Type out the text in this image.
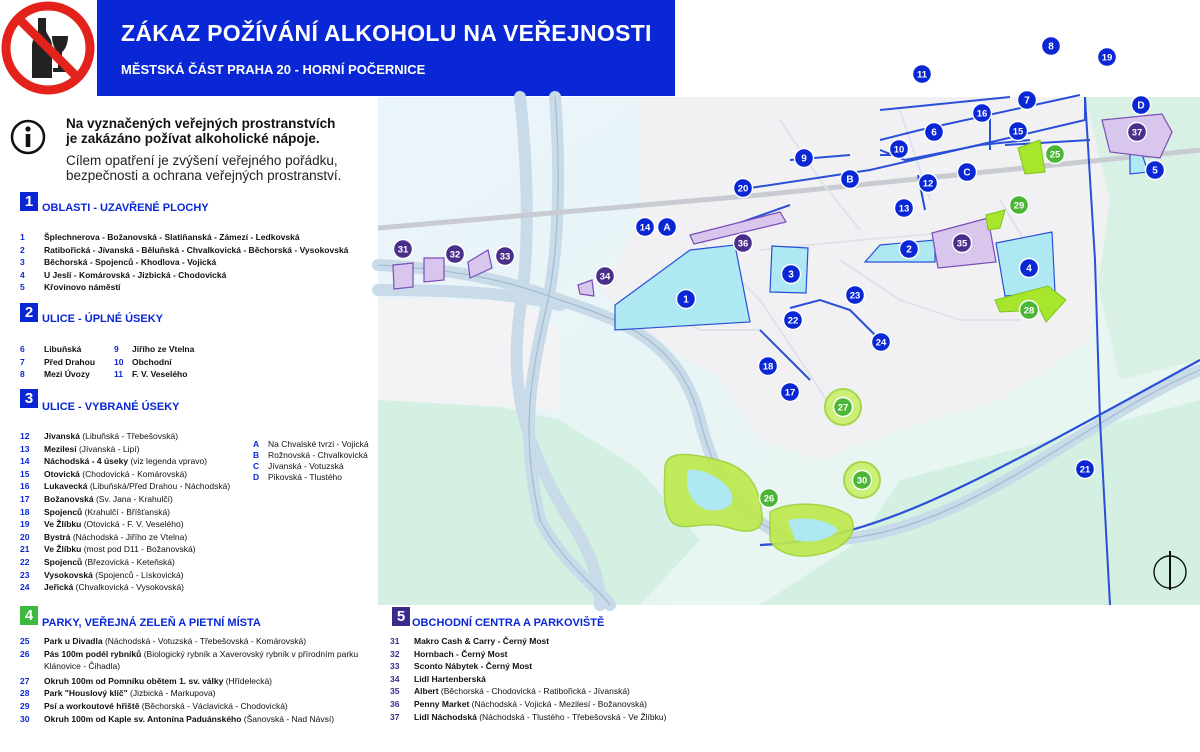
ZÁKAZ POŽÍVÁNÍ ALKOHOLU NA VEŘEJNOSTI
MĚSTSKÁ ČÁST PRAHA 20 - HORNÍ POČERNICE
Na vyznačených veřejných prostranstvích
je zakázáno požívat alkoholické nápoje.
Cílem opatření je zvýšení veřejného pořádku,
bezpečnosti a ochrana veřejných prostranství.
1 OBLASTI - UZAVŘENÉ PLOCHY
1 Šplechnerova - Božanovská - Slatiňanská - Zámezí - Ledkovská
2 Ratibořická - Jívanská - Běluňská - Chvalkovická - Běchorská - Vysokovská
3 Běchorská - Spojenců - Khodlova - Vojická
4 U Jeslí - Komárovská - Jizbická - Chodovická
5 Křovinovo náměstí
2 ULICE - ÚPLNÉ ÚSEKY
6 Libuňská
7 Před Drahou
8 Mezi Úvozy
9 Jiřího ze Vtelna
10 Obchodní
11 F. V. Veselého
3 ULICE - VYBRANÉ ÚSEKY
12 Jívanská (Libuňská - Třebešovská)
13 Mezilesí (Jívanská - Lipí)
14 Náchodská - 4 úseky (viz legenda vpravo)
15 Otovická (Chodovická - Komárovská)
16 Lukavecká (Libuňská/Před Drahou - Náchodská)
17 Božanovská (Sv. Jana - Krahulčí)
18 Spojenců (Krahulčí - Bříšťanská)
19 Ve Žlíbku (Otovická - F. V. Veselého)
20 Bystrá (Náchodská - Jiřího ze Vtelna)
21 Ve Žlíbku (most pod D11 - Božanovská)
22 Spojenců (Březovická - Keteňská)
23 Vysokovská (Spojenců - Lískovická)
24 Jeřická (Chvalkovická - Vysokovská)
A Na Chvalské tvrzi - Vojická
B Rožnovská - Chvalkovická
C Jívanská - Votuzská
D Pikovská - Tlustého
4 PARKY, VEŘEJNÁ ZELEŇ A PIETNÍ MÍSTA
25 Park u Divadla (Náchodská - Votuzská - Třebešovská - Komárovská)
26 Pás 100m podél rybníků (Biologický rybník a Xaverovský rybník v přírodním parku
Klánovice - Čihadla)
27 Okruh 100m od Pomníku obětem 1. sv. války (Hřídelecká)
28 Park "Houslový klíč" (Jizbická - Markupova)
29 Psí a workoutové hřiště (Běchorská - Václavická - Chodovická)
30 Okruh 100m od Kaple sv. Antonína Paduánského (Šanovská - Nad Návsí)
5 OBCHODNÍ CENTRA A PARKOVIŠTĚ
31 Makro Cash & Carry - Černý Most
32 Hornbach - Černý Most
33 Sconto Nábytek - Černý Most
34 Lidl Hartenberská
35 Albert (Běchorská - Chodovická - Ratibořická - Jívanská)
36 Penny Market (Náchodská - Vojická - Mezilesí - Božanovská)
37 Lidl Náchodská (Náchodská - Tlustého - Třebešovská - Ve Žlíbku)
1
2
3
4
5
6
7
8
9
10
11
12
13
14
15
16
17
18
19
20
21
22
23
24
A
B
C
D
25
26
27
28
29
30
31	32	33
34
35
36
37
